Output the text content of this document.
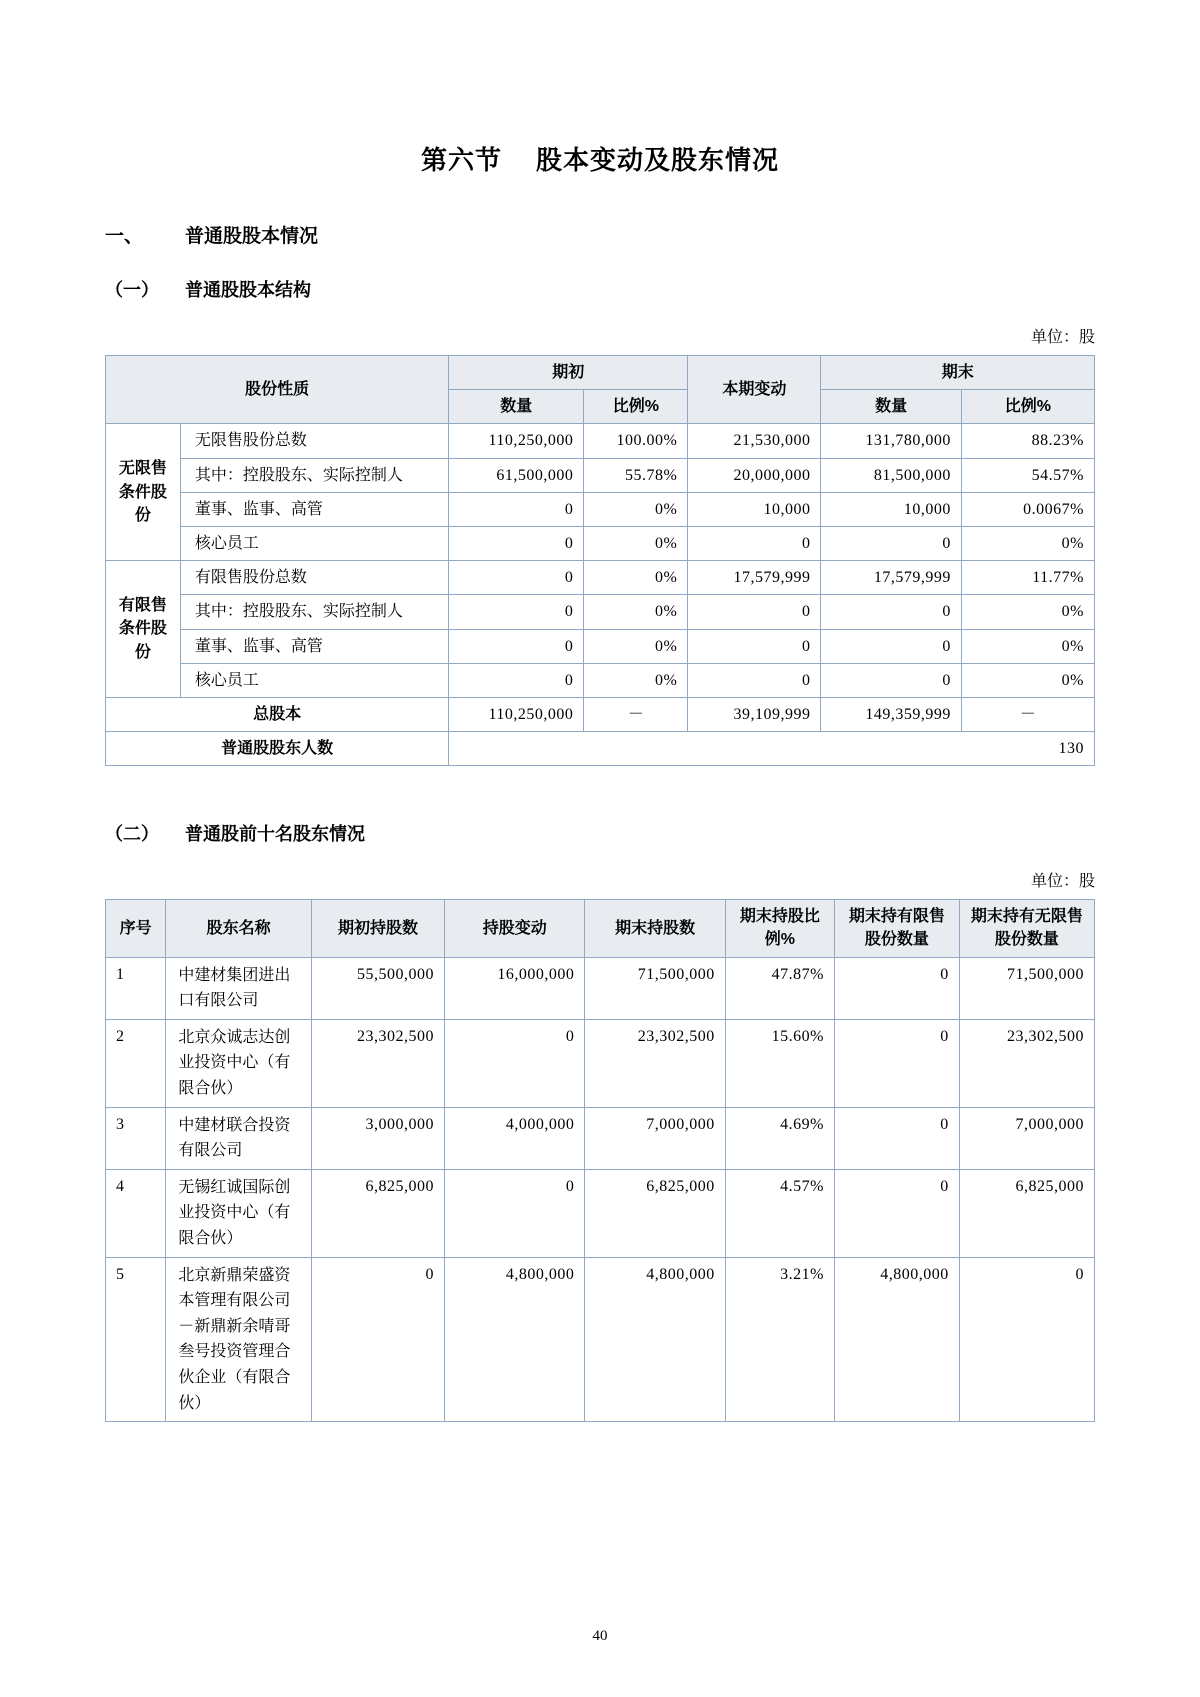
第六节 股本变动及股东情况
一、	普通股股本情况
（一）	普通股股本结构
单位：股
股份性质		期初		本期变动	期末	
		数量	比例%		数量	比例%
无限售条件股份	无限售股份总数	110,250,000	100.00%	21,530,000	131,780,000	88.23%
	其中：控股股东、实际控制人	61,500,000	55.78%	20,000,000	81,500,000	54.57%
	董事、监事、高管	0	0%	10,000	10,000	0.0067%
	核心员工	0	0%	0	0	0%
有限售条件股份	有限售股份总数	0	0%	17,579,999	17,579,999	11.77%
	其中：控股股东、实际控制人	0	0%	0	0	0%
	董事、监事、高管	0	0%	0	0	0%
	核心员工	0	0%	0	0	0%
总股本		110,250,000	－	39,109,999	149,359,999	－
普通股股东人数		130				
（二）	普通股前十名股东情况
单位：股
序号	股东名称	期初持股数	持股变动	期末持股数	期末持股比例%	期末持有限售股份数量	期末持有无限售股份数量
1	中建材集团进出口有限公司	55,500,000	16,000,000	71,500,000	47.87%	0	71,500,000
2	北京众诚志达创业投资中心（有限合伙）	23,302,500	0	23,302,500	15.60%	0	23,302,500
3	中建材联合投资有限公司	3,000,000	4,000,000	7,000,000	4.69%	0	7,000,000
4	无锡红诚国际创业投资中心（有限合伙）	6,825,000	0	6,825,000	4.57%	0	6,825,000
5	北京新鼎荣盛资本管理有限公司－新鼎新余啨哥叁号投资管理合伙企业（有限合伙）	0	4,800,000	4,800,000	3.21%	4,800,000	0
40
